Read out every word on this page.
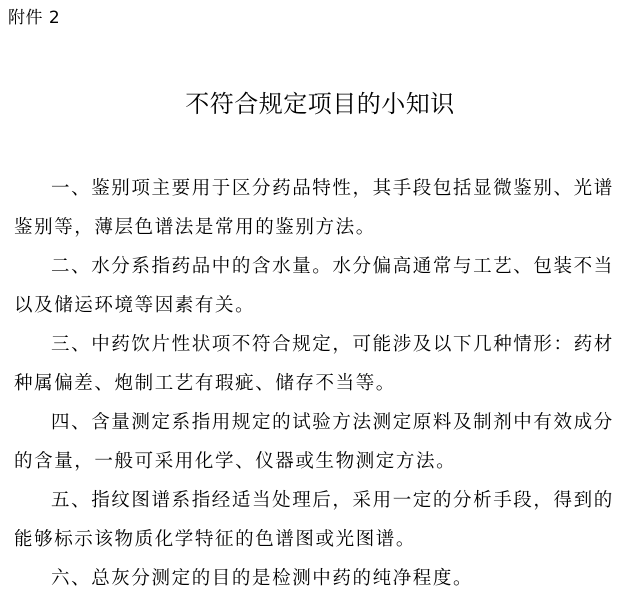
附件 2
不符合规定项目的小知识

一、鉴别项主要用于区分药品特性，其手段包括显微鉴别、光谱鉴别等，薄层色谱法是常用的鉴别方法。

二、水分系指药品中的含水量。水分偏高通常与工艺、包装不当以及储运环境等因素有关。

三、中药饮片性状项不符合规定，可能涉及以下几种情形：药材种属偏差、炮制工艺有瑕疵、储存不当等。

四、含量测定系指用规定的试验方法测定原料及制剂中有效成分的含量，一般可采用化学、仪器或生物测定方法。

五、指纹图谱系指经适当处理后，采用一定的分析手段，得到的能够标示该物质化学特征的色谱图或光图谱。

六、总灰分测定的目的是检测中药的纯净程度。
